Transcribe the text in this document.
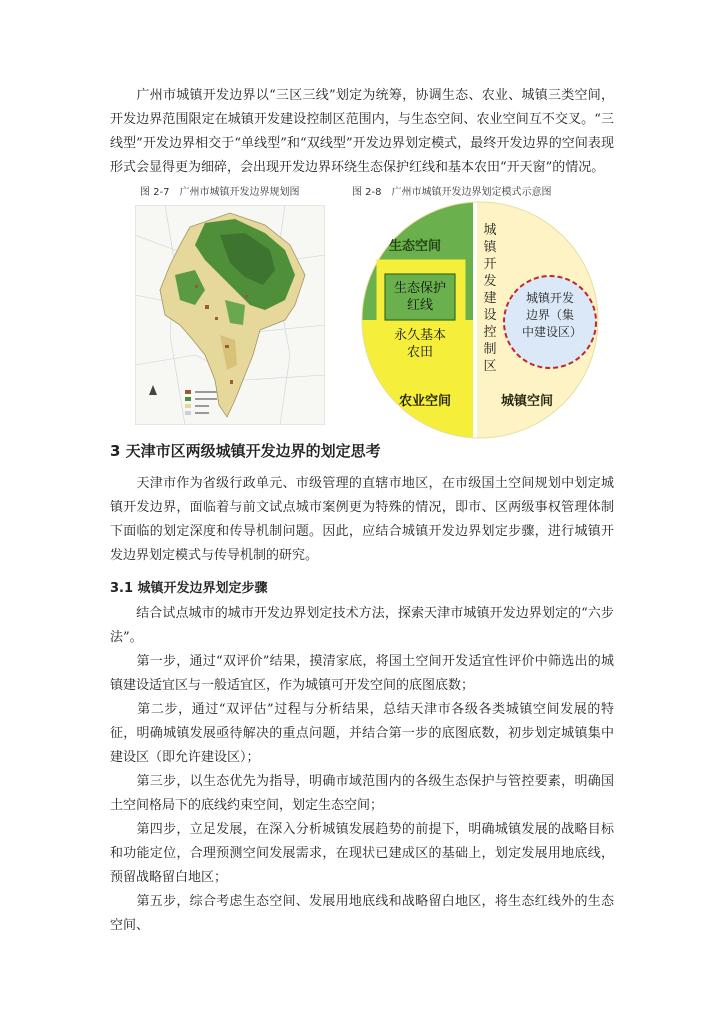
　　广州市城镇开发边界以“三区三线”划定为统筹，协调生态、农业、城镇三类空间，开发边界范围限定在城镇开发建设控制区范围内，与生态空间、农业空间互不交叉。“三线型”开发边界相交于“单线型”和“双线型”开发边界划定模式，最终开发边界的空间表现形式会显得更为细碎，会出现开发边界环绕生态保护红线和基本农田“开天窗”的情况。

图 2-7　广州市城镇开发边界规划图	图 2-8　广州市城镇开发边界划定模式示意图
生态空间
生态保护红线
永久基本农田
农业空间
城镇开发建设控制区
城镇开发边界（集中建设区）
城镇空间
3 天津市区两级城镇开发边界的划定思考

　　天津市作为省级行政单元、市级管理的直辖市地区，在市级国土空间规划中划定城镇开发边界，面临着与前文试点城市案例更为特殊的情况，即市、区两级事权管理体制下面临的划定深度和传导机制问题。因此，应结合城镇开发边界划定步骤，进行城镇开发边界划定模式与传导机制的研究。

3.1 城镇开发边界划定步骤

　　结合试点城市的城市开发边界划定技术方法，探索天津市城镇开发边界划定的“六步法”。

　　第一步，通过“双评价”结果，摸清家底，将国土空间开发适宜性评价中筛选出的城镇建设适宜区与一般适宜区，作为城镇可开发空间的底图底数；

　　第二步，通过“双评估”过程与分析结果，总结天津市各级各类城镇空间发展的特征，明确城镇发展亟待解决的重点问题，并结合第一步的底图底数，初步划定城镇集中建设区（即允许建设区）；

　　第三步，以生态优先为指导，明确市域范围内的各级生态保护与管控要素，明确国土空间格局下的底线约束空间，划定生态空间；

　　第四步，立足发展，在深入分析城镇发展趋势的前提下，明确城镇发展的战略目标和功能定位，合理预测空间发展需求，在现状已建成区的基础上，划定发展用地底线，预留战略留白地区；

　　第五步，综合考虑生态空间、发展用地底线和战略留白地区，将生态红线外的生态空间、
